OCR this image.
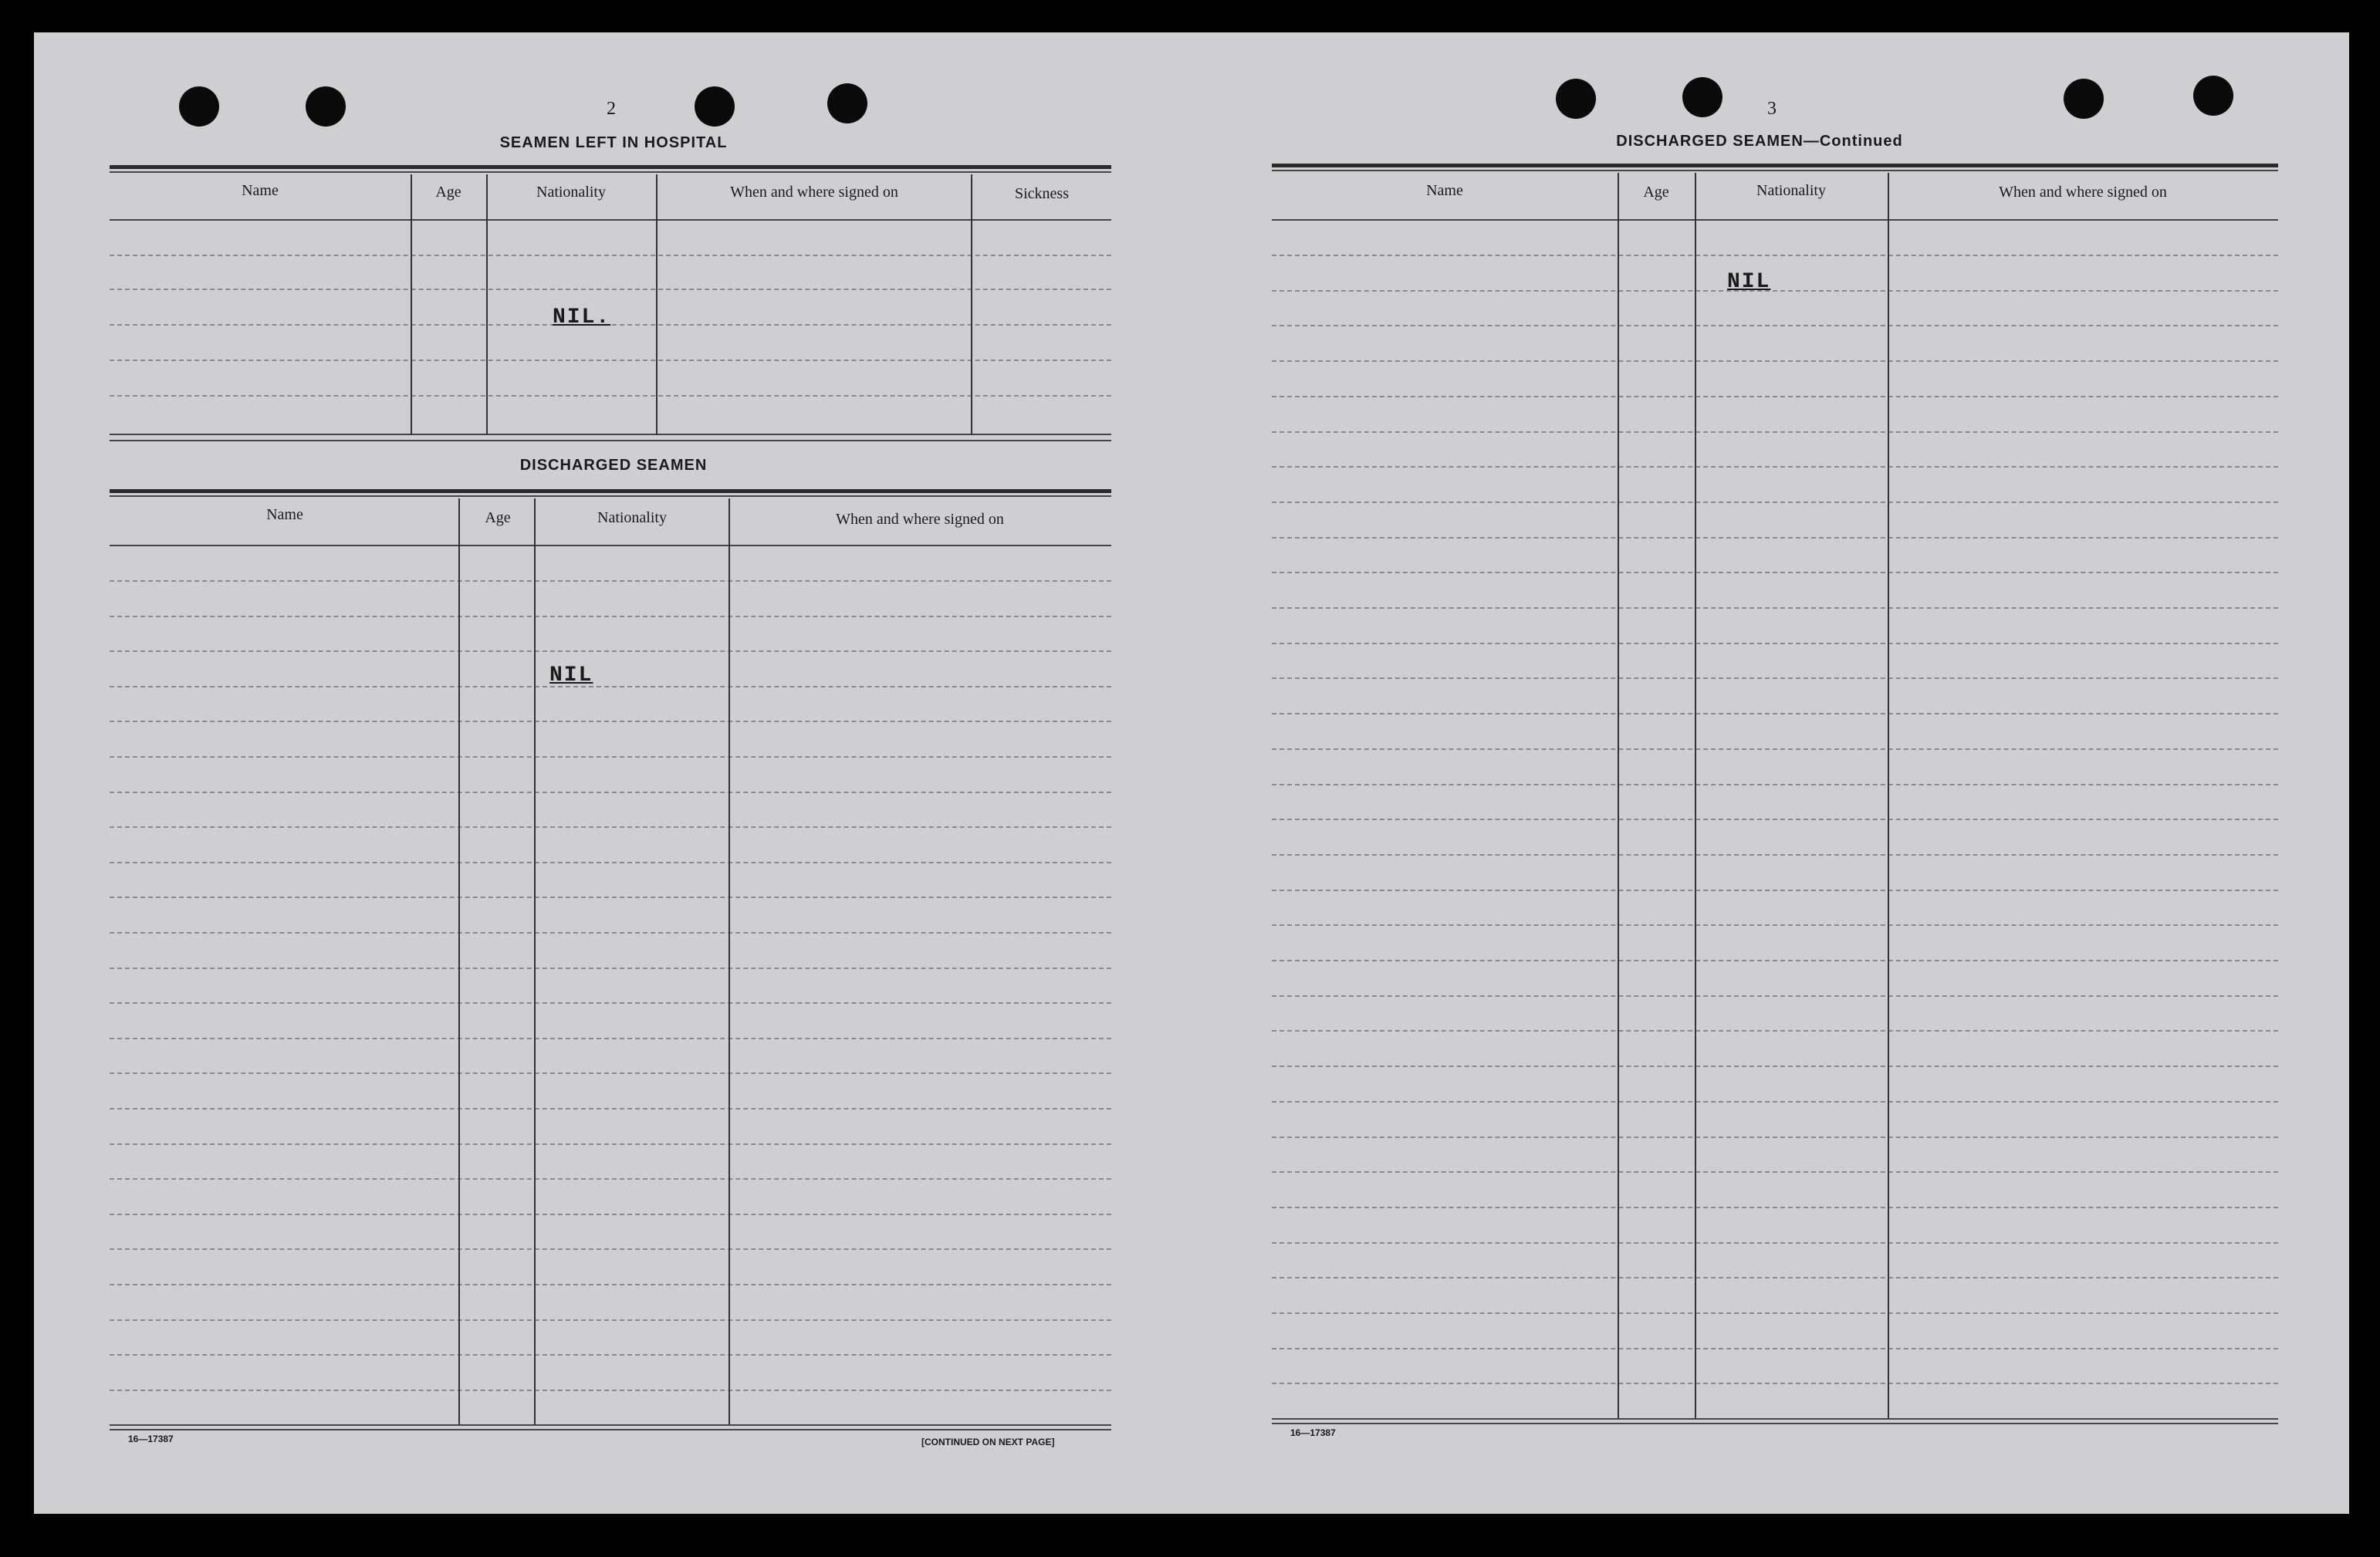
2
SEAMEN LEFT IN HOSPITAL
Name	Age	Nationality	When and where signed on	Sickness
NIL.
DISCHARGED SEAMEN
Name	Age	Nationality	When and where signed on
NIL
16—17387	[CONTINUED ON NEXT PAGE]
3
DISCHARGED SEAMEN—Continued
Name	Age	Nationality	When and where signed on
NIL
16—17387
